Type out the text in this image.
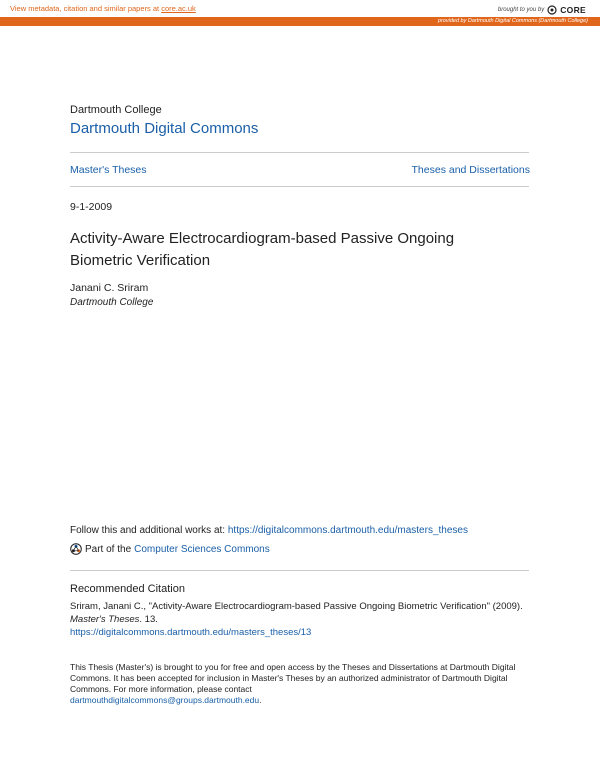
View metadata, citation and similar papers at core.ac.uk	brought to you by CORE
provided by Dartmouth Digital Commons (Dartmouth College)
Dartmouth College
Dartmouth Digital Commons
Master's Theses	Theses and Dissertations
9-1-2009
Activity-Aware Electrocardiogram-based Passive Ongoing Biometric Verification
Janani C. Sriram
Dartmouth College
Follow this and additional works at: https://digitalcommons.dartmouth.edu/masters_theses
Part of the Computer Sciences Commons
Recommended Citation
Sriram, Janani C., "Activity-Aware Electrocardiogram-based Passive Ongoing Biometric Verification" (2009). Master's Theses. 13.
https://digitalcommons.dartmouth.edu/masters_theses/13
This Thesis (Master's) is brought to you for free and open access by the Theses and Dissertations at Dartmouth Digital Commons. It has been accepted for inclusion in Master's Theses by an authorized administrator of Dartmouth Digital Commons. For more information, please contact
dartmouthdigitalcommons@groups.dartmouth.edu.
